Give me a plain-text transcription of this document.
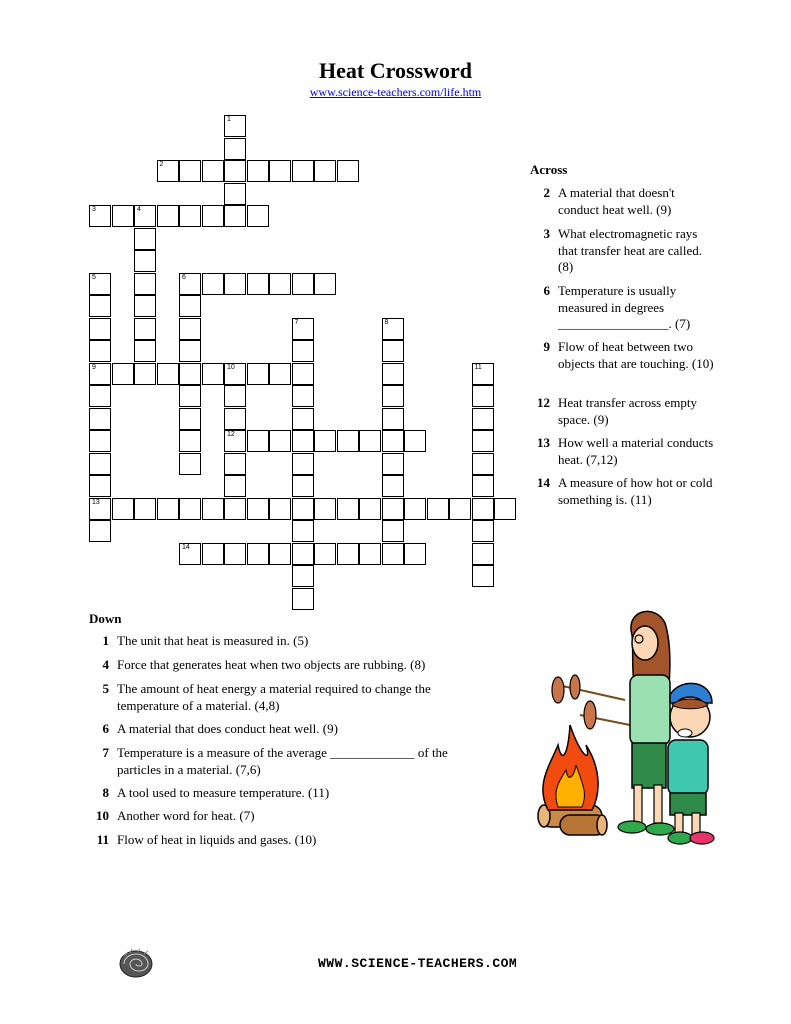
Heat Crossword
www.science-teachers.com/life.htm
1
2
3	4
5
9
13
6
7	8
10
12
11
14
Across
2 A material that doesn't conduct heat well. (9)
3 What electromagnetic rays that transfer heat are called. (8)
6 Temperature is usually measured in degrees _________________. (7)
9 Flow of heat between two objects that are touching. (10)
12 Heat transfer across empty space. (9)
13 How well a material conducts heat. (7,12)
14 A measure of how hot or cold something is. (11)
Down
1 The unit that heat is measured in. (5)
4 Force that generates heat when two objects are rubbing. (8)
5 The amount of heat energy a material required to change the temperature of a material. (4,8)
6 A material that does conduct heat well. (9)
7 Temperature is a measure of the average _____________ of the particles in a material. (7,6)
8 A tool used to measure temperature. (11)
10 Another word for heat. (7)
11 Flow of heat in liquids and gases. (10)
WWW.SCIENCE-TEACHERS.COM
